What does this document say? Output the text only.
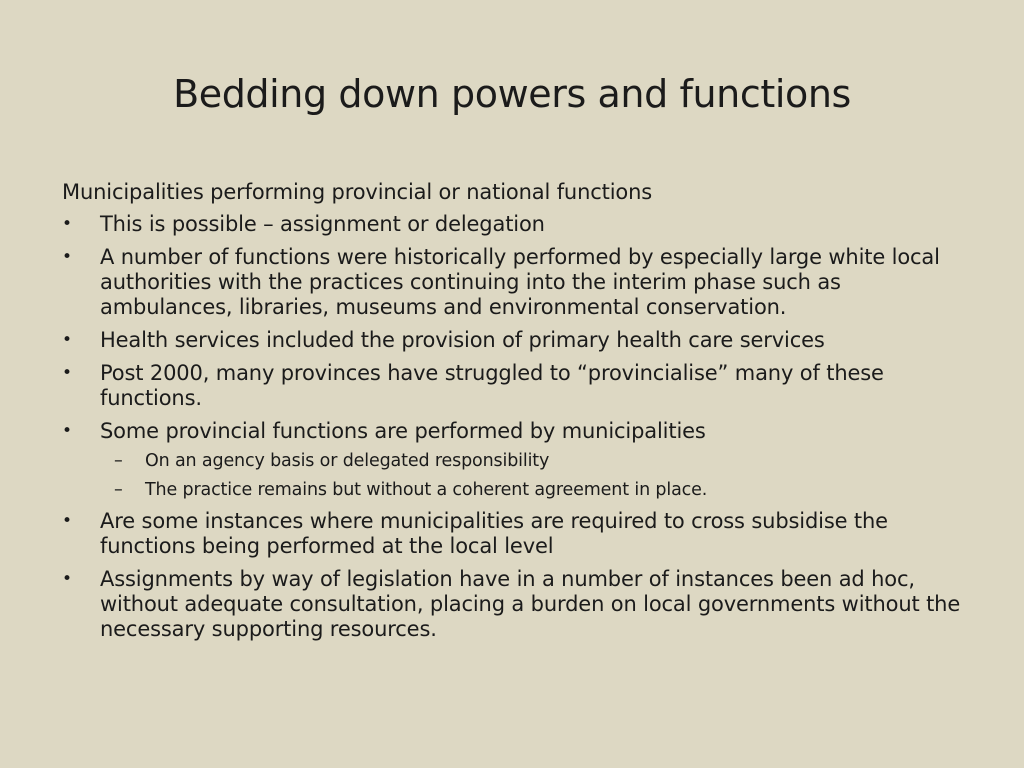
Bedding down powers and functions

Municipalities performing provincial or national functions

•	This is possible – assignment or delegation
•	A number of functions were historically performed by especially large white local authorities with the practices continuing into the interim phase such as ambulances, libraries, museums and environmental conservation.
•	Health services included the provision of primary health care services
•	Post 2000, many provinces have struggled to “provincialise” many of these functions.
•	Some provincial functions are performed by municipalities
–	On an agency basis or delegated responsibility
–	The practice remains but without a coherent agreement in place.
•	Are some instances where municipalities are required to cross subsidise the functions being performed at the local level
•	Assignments by way of legislation have in a number of instances been ad hoc, without adequate consultation, placing a burden on local governments without the necessary supporting resources.
